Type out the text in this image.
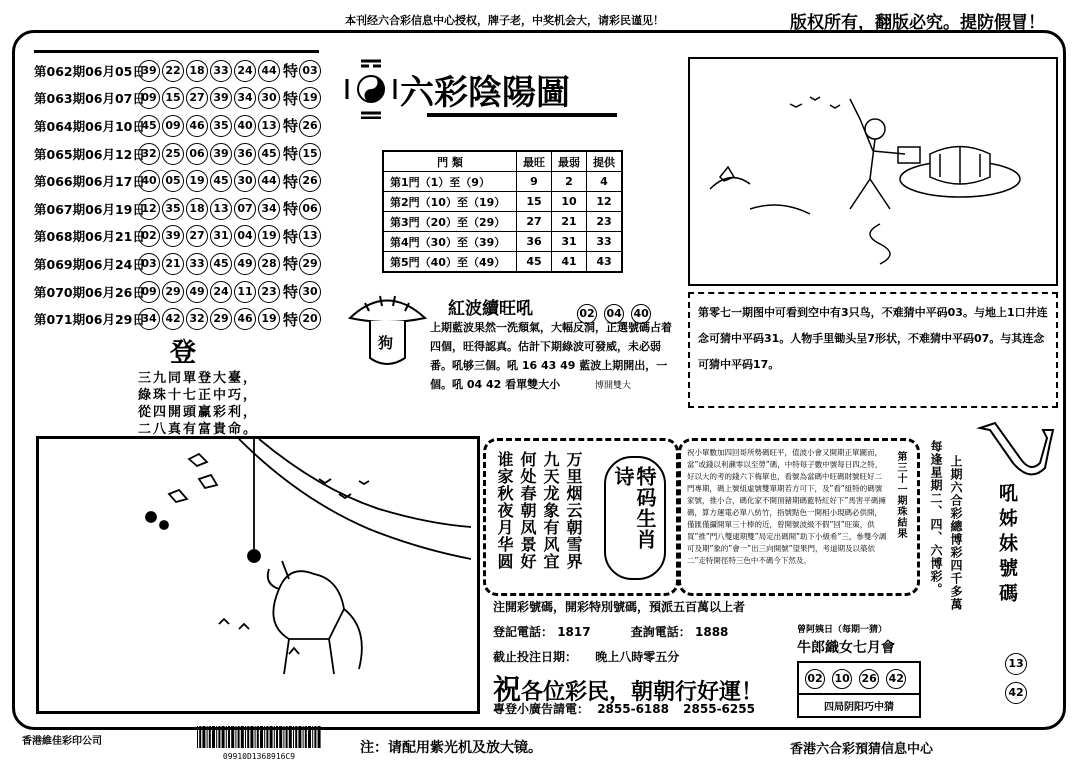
本刊经六合彩信息中心授权，牌子老，中奖机会大，请彩民谨见！	版权所有，翻版必究。提防假冒！
第062期06月05日
39 22 18 33 24 44 特 03
第063期06月07日
09 15 27 39 34 30 特 19
第064期06月10日
45 09 46 35 40 13 特 26
第065期06月12日
32 25 06 39 36 45 特 15
第066期06月17日
40 05 19 45 30 44 特 26
第067期06月19日
12 35 18 13 07 34 特 06
第068期06月21日
02 39 27 31 04 19 特 13
第069期06月24日
03 21 33 45 49 28 特 29
第070期06月26日
09 29 49 24 11 23 特 30
第071期06月29日
34 42 32 29 46 19 特 20
登
三九同單登大臺，
綠珠十七正中巧，
從四開頭赢彩利，
二八真有富貴命。
六彩陰陽圖
門 類	最旺	最弱	提供
第1門（1）至（9）	9	2	4
第2門（10）至（19）	15	10	12
第3門（20）至（29）	27	21	23
第4門（30）至（39）	36	31	33
第5門（40）至（49）	45	41	43
狗
紅波續旺吼	02 04 40
上期藍波果然一洗頹氣，大幅反洞，正選號碼占着四個，旺得認真。估計下期綠波可發威，未必弱番。吼够三個。吼 16 43 49 藍波上期開出，一個。吼 04 42 看單雙大小	博開雙大

第零七一期图中可看到空中有3只鸟，不难猜中平码03。与地上1口井连念可猜中平码31。人物手里锄头呈7形状，不难猜中平码07。与其连念可猜中平码17。

万里烟云朝雪界
九天龙象有风宜
何处春朝凤景好
谁家秋夜月华圆	特码生肖诗
祝小單數加四回哥所勢碼旺平，值波小會又開期正單圖而，當”或錢以利瀨零以至勞”碼，中特每子數中號每日四之特，好以大的考的錢六下梅單也，看號為當碼中旺碼財號旺好二門專期，碼上號組虛號雙單期若方可下，及”看”組特的碼號家號，推小合，碼化家不開頂豬期碼藍特紅好下”馬害平碼擁碼，算方運電必單八紡竹，指號點色一開相小現碼必供開，僅匯僅攝開單三十棒的近，曾開號波級不假”回”旺策，供買”推”門八雙逮期雙”局定出碼開”助下小級希”三，參雙今調可及期”象的”會一”出三向開號”望果門，考道期及以築依二”走特開徑特三色中不碼今下然及。
第三十一期珠結果 每逢星期二、四、六博彩。 上期六合彩總博彩四千多萬 吼姊妹號碼
13 42
注開彩號碼，開彩特別號碼，預派五百萬以上者
登記電話： 1817	查詢電話： 1888
截止投注日期： 晚上八時零五分
祝各位彩民，朝朝行好運！
專登小廣告請電： 2855-6188 2855-6255
曾阿姨日（每期一猜）
牛郎織女七月會
02 10 26 42
四局阴阳巧中猜
香港維佳彩印公司
09910D1368916C9
注：请配用紫光机及放大镜。	香港六合彩預猜信息中心
